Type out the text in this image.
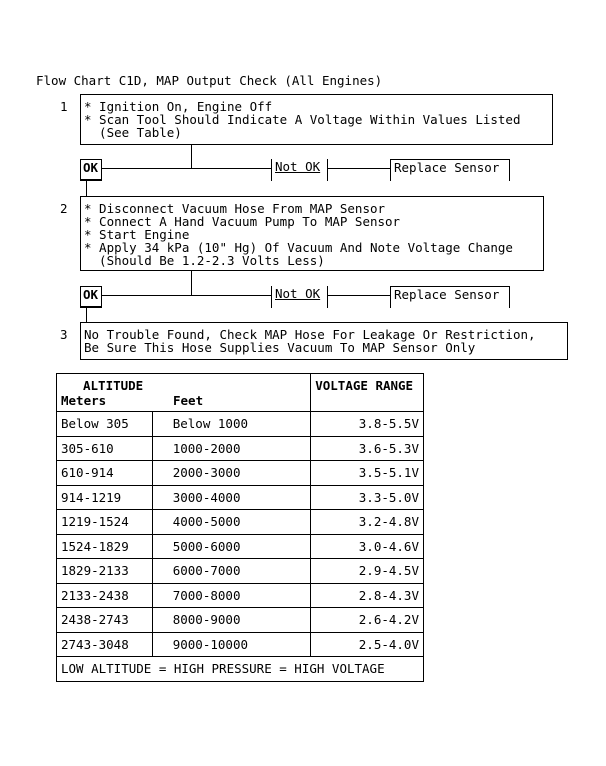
Flow Chart C1D, MAP Output Check (All Engines)
1 * Ignition On, Engine Off
* Scan Tool Should Indicate A Voltage Within Values Listed
(See Table)
OK	Not OK	Replace Sensor
2 * Disconnect Vacuum Hose From MAP Sensor
* Connect A Hand Vacuum Pump To MAP Sensor
* Start Engine
* Apply 34 kPa (10" Hg) Of Vacuum And Note Voltage Change
(Should Be 1.2-2.3 Volts Less)
OK	Not OK	Replace Sensor
3 No Trouble Found, Check MAP Hose For Leakage Or Restriction,
Be Sure This Hose Supplies Vacuum To MAP Sensor Only
ALTITUDE
Meters Feet		VOLTAGE RANGE
Below 305	Below 1000	3.8-5.5V
305-610	1000-2000	3.6-5.3V
610-914	2000-3000	3.5-5.1V
914-1219	3000-4000	3.3-5.0V
1219-1524	4000-5000	3.2-4.8V
1524-1829	5000-6000	3.0-4.6V
1829-2133	6000-7000	2.9-4.5V
2133-2438	7000-8000	2.8-4.3V
2438-2743	8000-9000	2.6-4.2V
2743-3048	9000-10000	2.5-4.0V
LOW ALTITUDE = HIGH PRESSURE = HIGH VOLTAGE		
